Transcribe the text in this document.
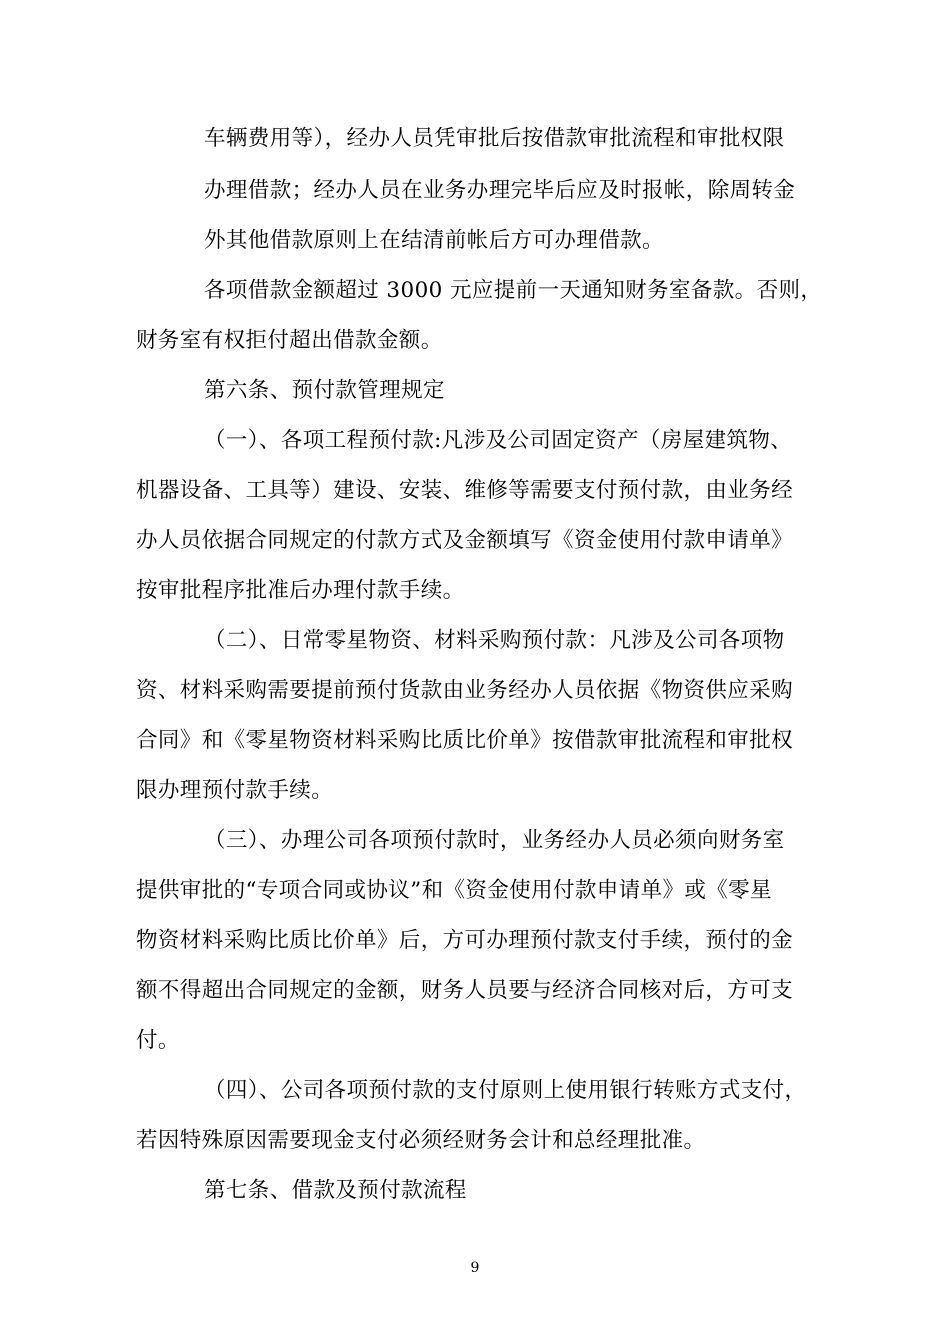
车辆费用等），经办人员凭审批后按借款审批流程和审批权限
办理借款；经办人员在业务办理完毕后应及时报帐，除周转金
外其他借款原则上在结清前帐后方可办理借款。
各项借款金额超过 3000 元应提前一天通知财务室备款。否则，
财务室有权拒付超出借款金额。
第六条、预付款管理规定
（一）、各项工程预付款:凡涉及公司固定资产（房屋建筑物、
机器设备、工具等）建设、安装、维修等需要支付预付款，由业务经
办人员依据合同规定的付款方式及金额填写《资金使用付款申请单》
按审批程序批准后办理付款手续。
（二）、日常零星物资、材料采购预付款：凡涉及公司各项物
资、材料采购需要提前预付货款由业务经办人员依据《物资供应采购
合同》和《零星物资材料采购比质比价单》按借款审批流程和审批权
限办理预付款手续。
（三）、办理公司各项预付款时，业务经办人员必须向财务室
提供审批的“专项合同或协议”和《资金使用付款申请单》或《零星
物资材料采购比质比价单》后，方可办理预付款支付手续，预付的金
额不得超出合同规定的金额，财务人员要与经济合同核对后，方可支
付。
（四）、公司各项预付款的支付原则上使用银行转账方式支付，
若因特殊原因需要现金支付必须经财务会计和总经理批准。
第七条、借款及预付款流程
9
